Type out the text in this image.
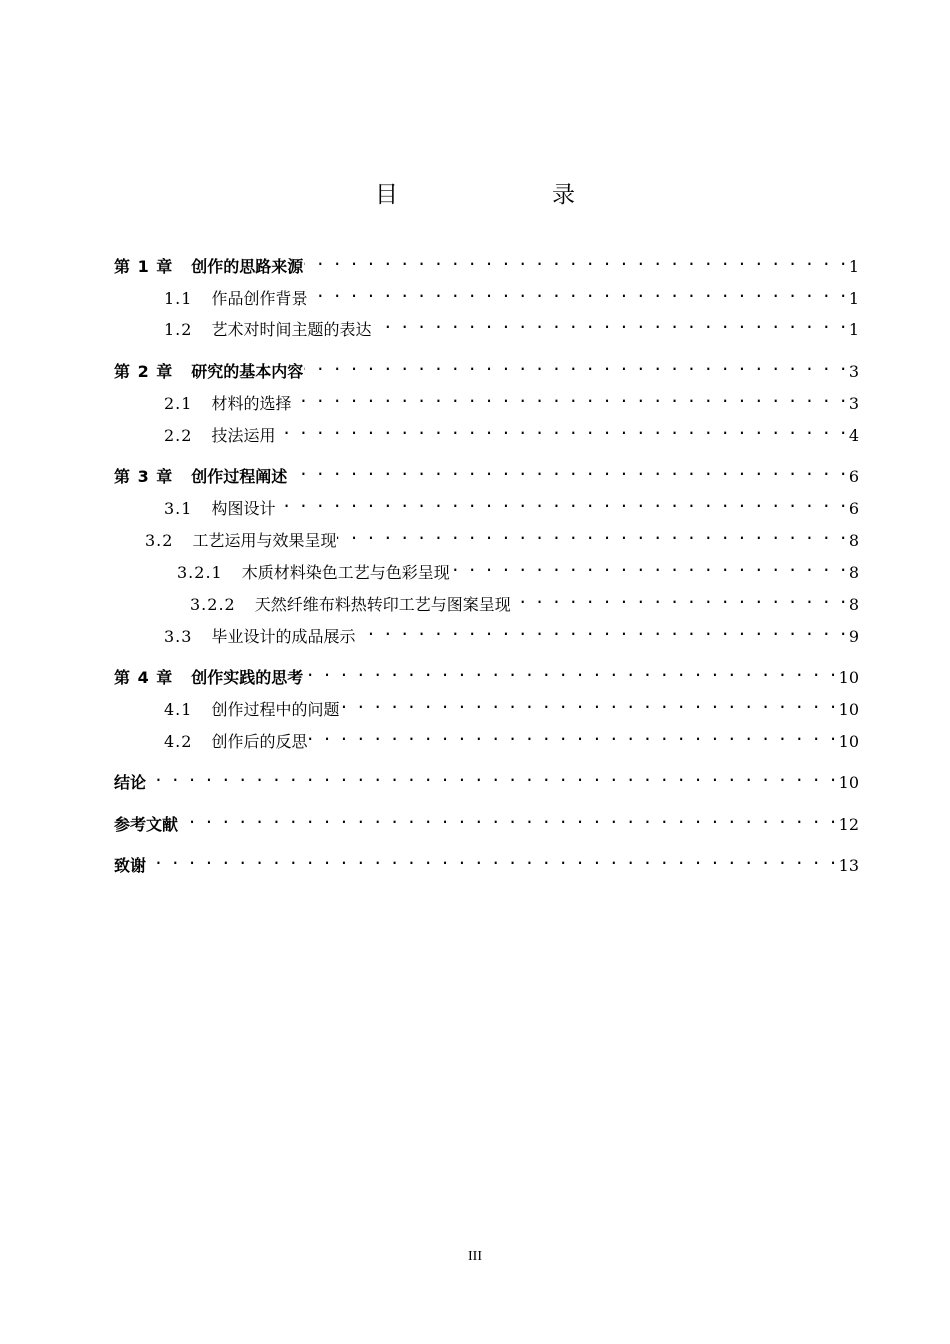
目　　录
第 1 章 创作的思路来源 . . .	1
1.1 作品创作背景 . . .	1
1.2 艺术对时间主题的表达 . . .	1
第 2 章 研究的基本内容 . . .	3
2.1 材料的选择 . . .	3
2.2 技法运用 . . .	4
第 3 章 创作过程阐述 . . .	6
3.1 构图设计 . . .	6
3.2 工艺运用与效果呈现 . . .	8
3.2.1 木质材料染色工艺与色彩呈现 . . .	8
3.2.2 天然纤维布料热转印工艺与图案呈现 . . .	8
3.3 毕业设计的成品展示 . . .	9
第 4 章 创作实践的思考 . . .	10
4.1 创作过程中的问题 . . .	10
4.2 创作后的反思 . . .	10
结论 . . .	10
参考文献 . . .	12
致谢 . . .	13
III
